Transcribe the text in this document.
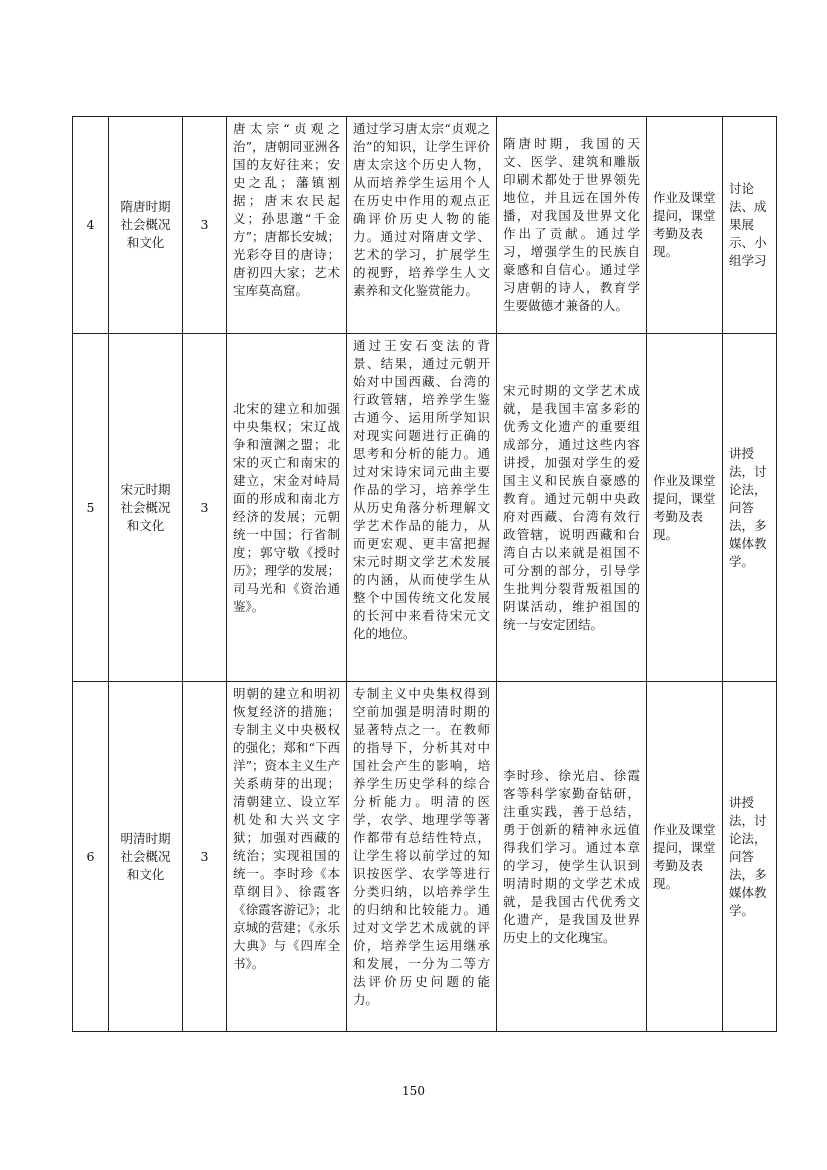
4	隋唐时期社会概况和文化	3	唐太宗“贞观之治”，唐朝同亚洲各国的友好往来；安史之乱；藩镇割据；唐末农民起义；孙思邈“千金方”；唐都长安城；光彩夺目的唐诗；唐初四大家；艺术宝库莫高窟。	通过学习唐太宗“贞观之治”的知识，让学生评价唐太宗这个历史人物，从而培养学生运用个人在历史中作用的观点正确评价历史人物的能力。通过对隋唐文学、艺术的学习，扩展学生的视野，培养学生人文素养和文化鉴赏能力。	隋唐时期，我国的天文、医学、建筑和雕版印刷术都处于世界领先地位，并且远在国外传播，对我国及世界文化作出了贡献。通过学习，增强学生的民族自豪感和自信心。通过学习唐朝的诗人，教育学生要做德才兼备的人。	作业及课堂提问，课堂考勤及表现。	讨论法、成果展示、小组学习
5	宋元时期社会概况和文化	3	北宋的建立和加强中央集权；宋辽战争和澶渊之盟；北宋的灭亡和南宋的建立，宋金对峙局面的形成和南北方经济的发展；元朝统一中国；行省制度；郭守敬《授时历》；理学的发展；司马光和《资治通鉴》。	通过王安石变法的背景、结果，通过元朝开始对中国西藏、台湾的行政管辖，培养学生鉴古通今、运用所学知识对现实问题进行正确的思考和分析的能力。通过对宋诗宋词元曲主要作品的学习，培养学生从历史角落分析理解文学艺术作品的能力，从而更宏观、更丰富把握宋元时期文学艺术发展的内涵，从而使学生从整个中国传统文化发展的长河中来看待宋元文化的地位。	宋元时期的文学艺术成就，是我国丰富多彩的优秀文化遗产的重要组成部分，通过这些内容讲授，加强对学生的爱国主义和民族自豪感的教育。通过元朝中央政府对西藏、台湾有效行政管辖，说明西藏和台湾自古以来就是祖国不可分割的部分，引导学生批判分裂背叛祖国的阴谋活动，维护祖国的统一与安定团结。	作业及课堂提问，课堂考勤及表现。	讲授法，讨论法，问答法，多媒体教学。
6	明清时期社会概况和文化	3	明朝的建立和明初恢复经济的措施；专制主义中央极权的强化；郑和“下西洋”；资本主义生产关系萌芽的出现；清朝建立、设立军机处和大兴文字狱；加强对西藏的统治；实现祖国的统一。李时珍《本草纲目》、徐霞客《徐霞客游记》；北京城的营建；《永乐大典》与《四库全书》。	专制主义中央集权得到空前加强是明清时期的显著特点之一。在教师的指导下，分析其对中国社会产生的影响，培养学生历史学科的综合分析能力。明清的医学，农学、地理学等著作都带有总结性特点，让学生将以前学过的知识按医学、农学等进行分类归纳，以培养学生的归纳和比较能力。通过对文学艺术成就的评价，培养学生运用继承和发展，一分为二等方法评价历史问题的能力。	李时珍、徐光启、徐霞客等科学家勤奋钻研，注重实践，善于总结，勇于创新的精神永远值得我们学习。通过本章的学习，使学生认识到明清时期的文学艺术成就，是我国古代优秀文化遗产，是我国及世界历史上的文化瑰宝。	作业及课堂提问，课堂考勤及表现。	讲授法，讨论法，问答法，多媒体教学。
150
